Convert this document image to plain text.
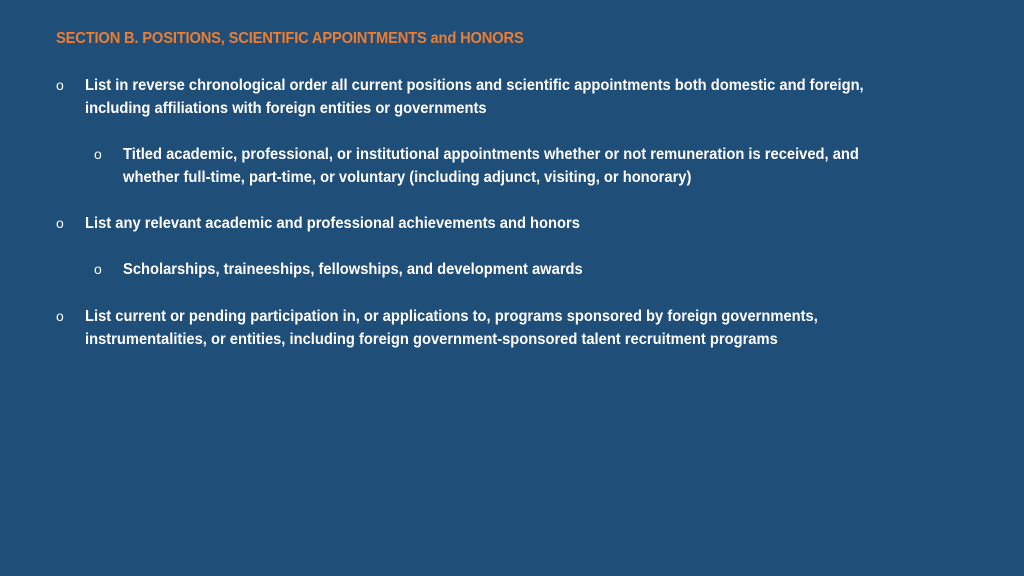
SECTION B. POSITIONS, SCIENTIFIC APPOINTMENTS and HONORS
o List in reverse chronological order all current positions and scientific appointments both domestic and foreign, including affiliations with foreign entities or governments
o Titled academic, professional, or institutional appointments whether or not remuneration is received, and whether full-time, part-time, or voluntary (including adjunct, visiting, or honorary)
o List any relevant academic and professional achievements and honors
o Scholarships, traineeships, fellowships, and development awards
o List current or pending participation in, or applications to, programs sponsored by foreign governments, instrumentalities, or entities, including foreign government-sponsored talent recruitment programs
